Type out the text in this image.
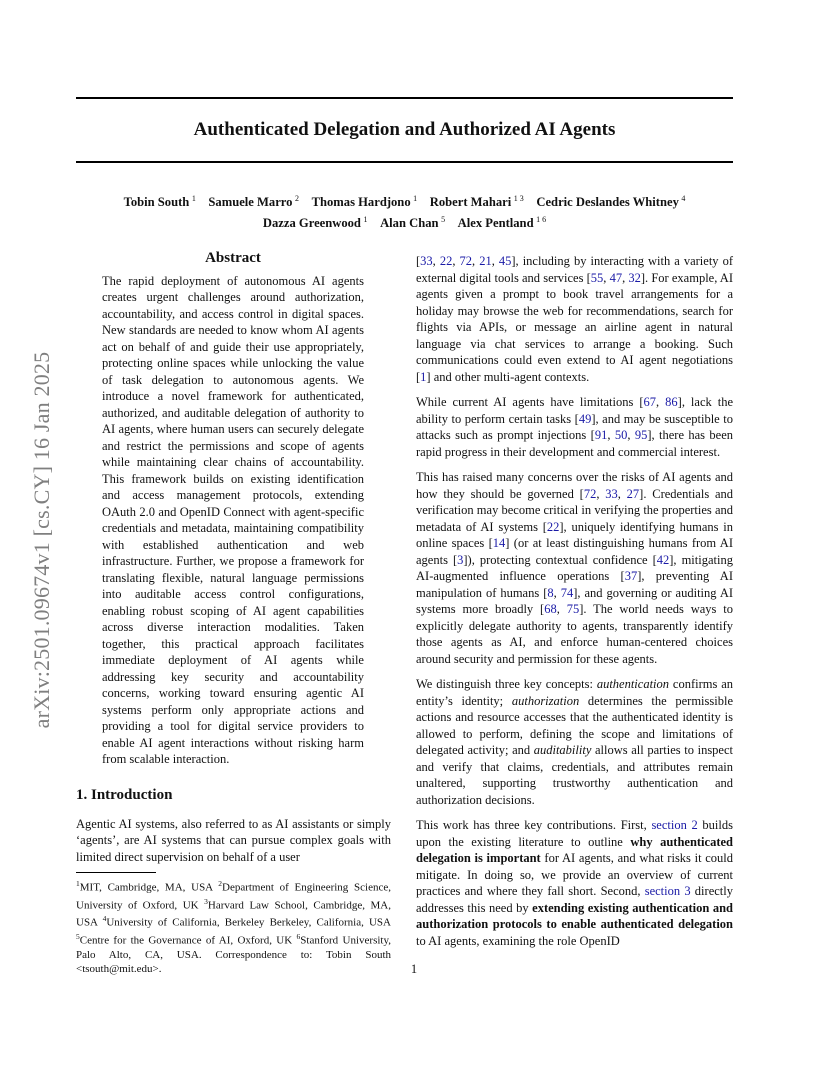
Authenticated Delegation and Authorized AI Agents
Tobin South  $^1$  Samuele Marro  $^2$  Thomas Hardjono  $^1$  Robert Mahari  $^{1 3}$  Cedric Deslandes Whitney  $^4$
Dazza Greenwood  $^1$  Alan Chan  $^5$  Alex Pentland  $^{1 6}$
arXiv:2501.09674v1 [cs.CY] 16 Jan 2025
Abstract

The rapid deployment of autonomous AI agents creates urgent challenges around authorization, accountability, and access control in digital spaces. New standards are needed to know whom AI agents act on behalf of and guide their use appropriately, protecting online spaces while unlocking the value of task delegation to autonomous agents. We introduce a novel framework for authenticated, authorized, and auditable delegation of authority to AI agents, where human users can securely delegate and restrict the permissions and scope of agents while maintaining clear chains of accountability. This framework builds on existing identification and access management protocols, extending OAuth 2.0 and OpenID Connect with agent-specific credentials and metadata, maintaining compatibility with established authentication and web infrastructure. Further, we propose a framework for translating flexible, natural language permissions into auditable access control configurations, enabling robust scoping of AI agent capabilities across diverse interaction modalities. Taken together, this practical approach facilitates immediate deployment of AI agents while addressing key security and accountability concerns, working toward ensuring agentic AI systems perform only appropriate actions and providing a tool for digital service providers to enable AI agent interactions without risking harm from scalable interaction.

1. Introduction

Agentic AI systems, also referred to as AI assistants or simply ‘agents’, are AI systems that can pursue complex goals with limited direct supervision on behalf of a user

$^1$MIT, Cambridge, MA, USA $^2$Department of Engineering Science, University of Oxford, UK $^3$Harvard Law School, Cambridge, MA, USA $^4$University of California, Berkeley Berkeley, California, USA $^5$Centre for the Governance of AI, Oxford, UK $^6$Stanford University, Palo Alto, CA, USA. Correspondence to: Tobin South <tsouth@mit.edu>.

[33, 22, 72, 21, 45], including by interacting with a variety of external digital tools and services [55, 47, 32]. For example, AI agents given a prompt to book travel arrangements for a holiday may browse the web for recommendations, search for flights via APIs, or message an airline agent in natural language via chat services to arrange a booking. Such communications could even extend to AI agent negotiations [1] and other multi-agent contexts.

While current AI agents have limitations [67, 86], lack the ability to perform certain tasks [49], and may be susceptible to attacks such as prompt injections [91, 50, 95], there has been rapid progress in their development and commercial interest.

This has raised many concerns over the risks of AI agents and how they should be governed [72, 33, 27]. Credentials and verification may become critical in verifying the properties and metadata of AI systems [22], uniquely identifying humans in online spaces [14] (or at least distinguishing humans from AI agents [3]), protecting contextual confidence [42], mitigating AI-augmented influence operations [37], preventing AI manipulation of humans [8, 74], and governing or auditing AI systems more broadly [68, 75]. The world needs ways to explicitly delegate authority to agents, transparently identify those agents as AI, and enforce human-centered choices around security and permission for these agents.

We distinguish three key concepts: authentication confirms an entity’s identity; authorization determines the permissible actions and resource accesses that the authenticated identity is allowed to perform, defining the scope and limitations of delegated activity; and auditability allows all parties to inspect and verify that claims, credentials, and attributes remain unaltered, supporting trustworthy authentication and authorization decisions.

This work has three key contributions. First, section 2 builds upon the existing literature to outline why authenticated delegation is important for AI agents, and what risks it could mitigate. In doing so, we provide an overview of current practices and where they fall short. Second, section 3 directly addresses this need by extending existing authentication and authorization protocols to enable authenticated delegation to AI agents, examining the role OpenID

1
